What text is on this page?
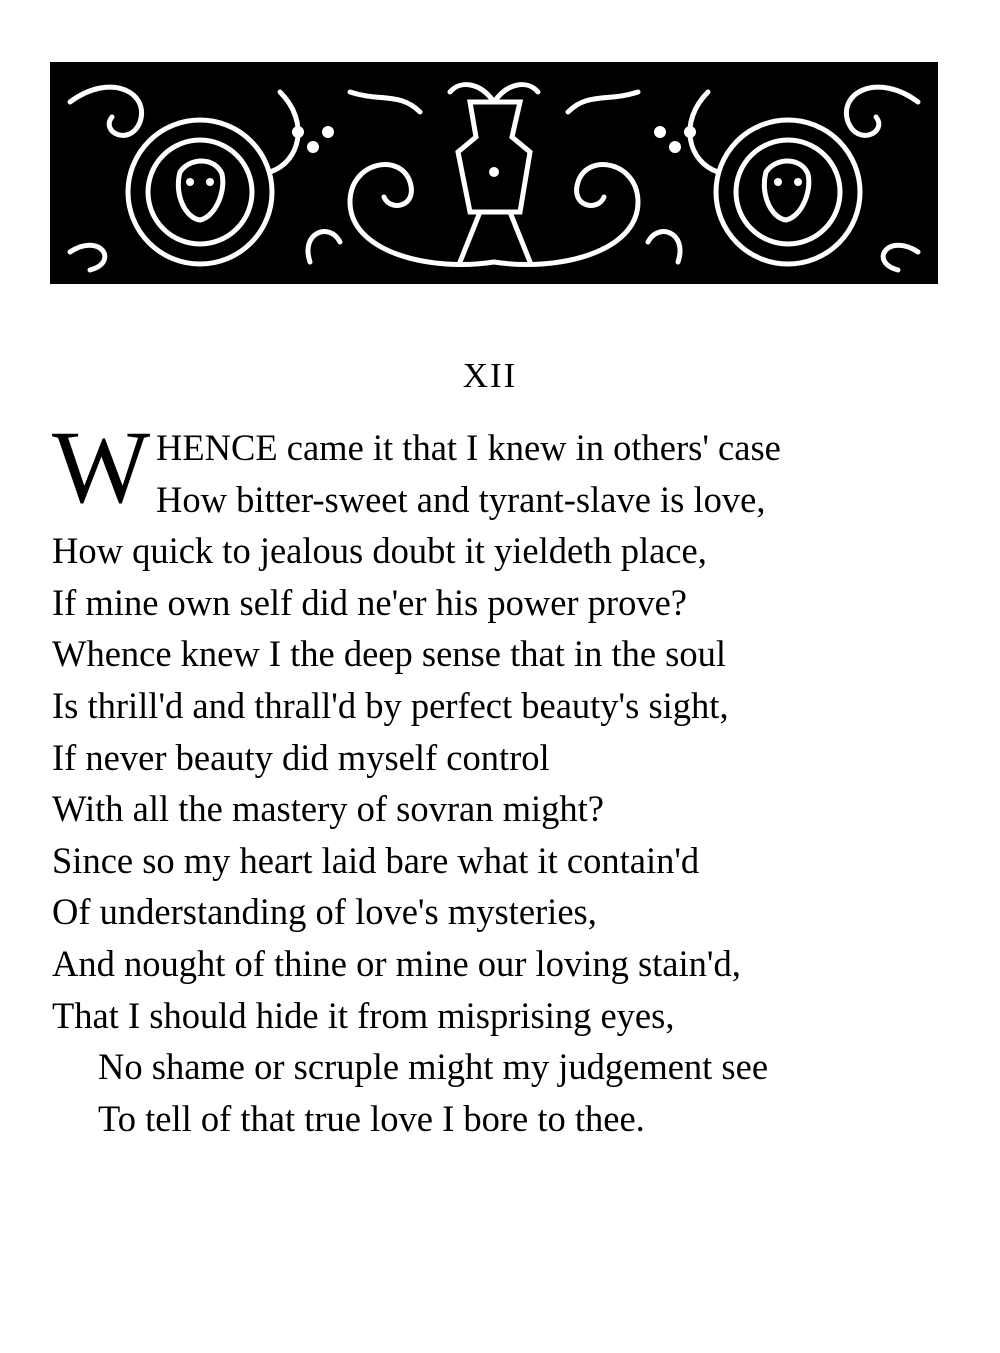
XII
W HENCE came it that I knew in others' case
How bitter-sweet and tyrant-slave is love,
How quick to jealous doubt it yieldeth place,
If mine own self did ne'er his power prove?
Whence knew I the deep sense that in the soul
Is thrill'd and thrall'd by perfect beauty's sight,
If never beauty did myself control
With all the mastery of sovran might?
Since so my heart laid bare what it contain'd
Of understanding of love's mysteries,
And nought of thine or mine our loving stain'd,
That I should hide it from misprising eyes,
No shame or scruple might my judgement see
To tell of that true love I bore to thee.
